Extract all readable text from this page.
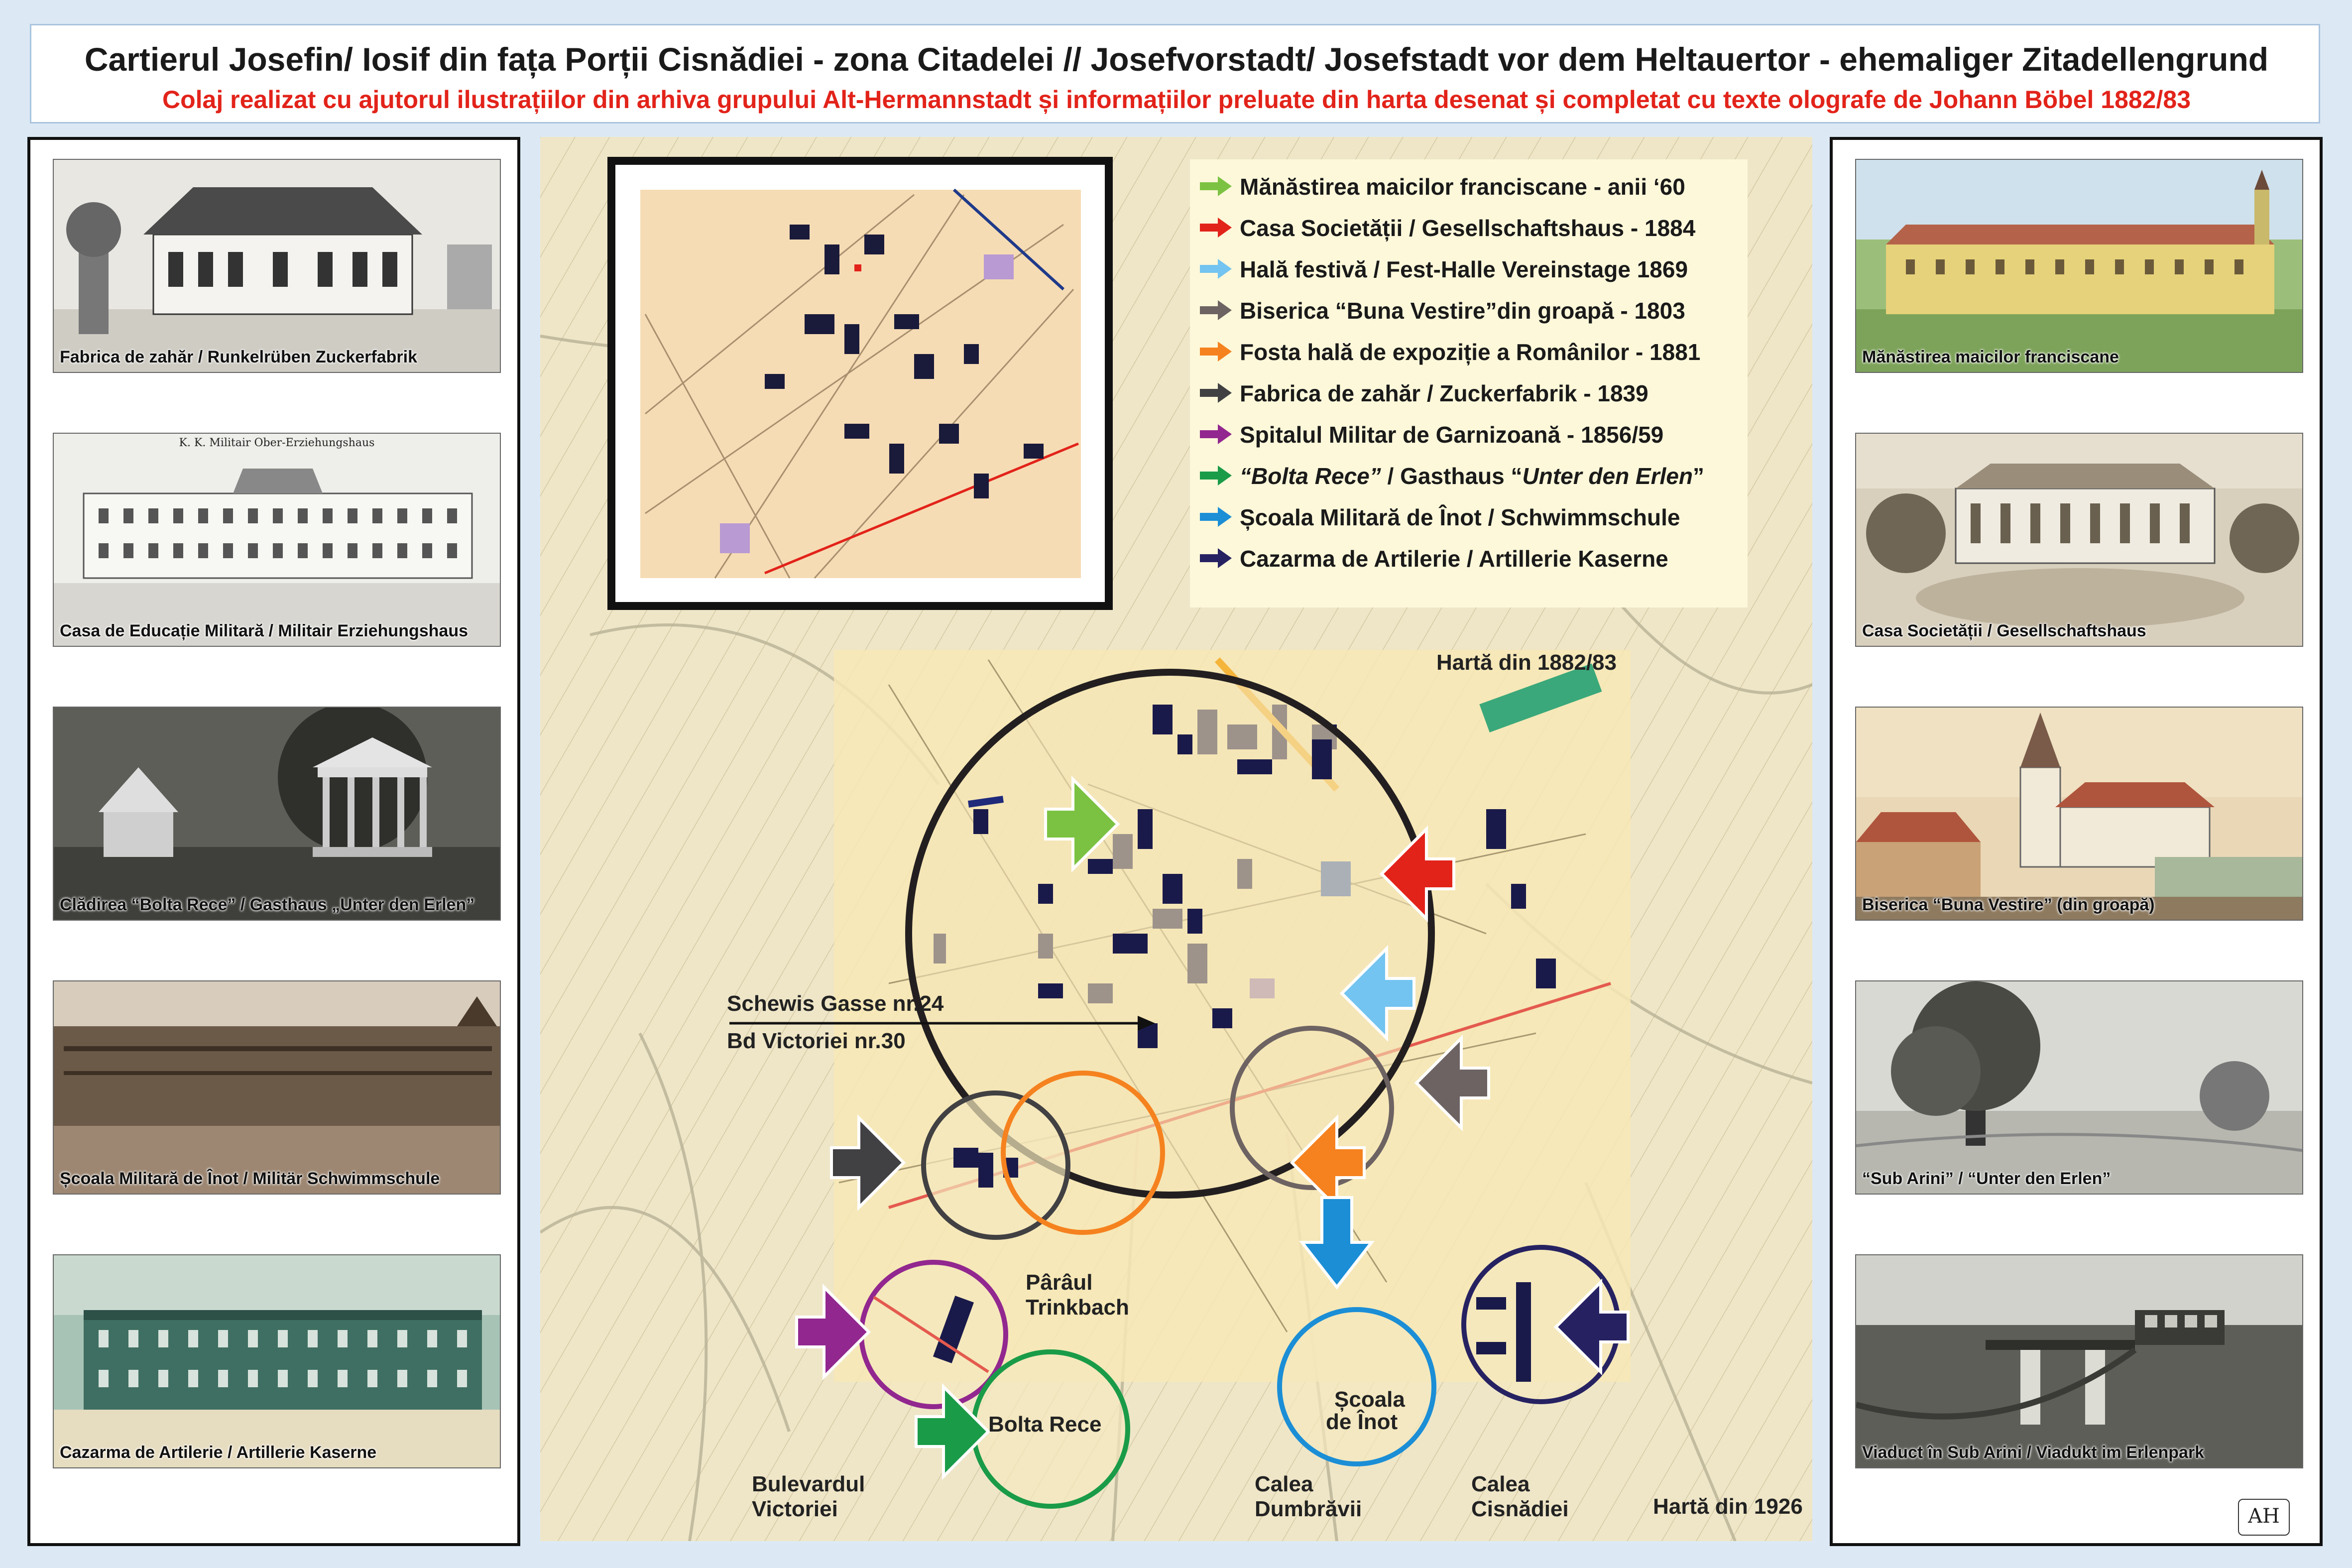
Cartierul Josefin/ Iosif din fața Porții Cisnădiei - zona Citadelei // Josefvorstadt/ Josefstadt vor dem Heltauertor - ehemaliger Zitadellengrund
Colaj realizat cu ajutorul ilustrațiilor din arhiva grupului Alt-Hermannstadt și informațiilor preluate din harta desenat și completat cu texte olografe de Johann Böbel 1882/83
Fabrica de zahăr / Runkelrüben Zuckerfabrik
K. K. Militair Ober-Erziehungshaus
Casa de Educație Militară / Militair Erziehungshaus
Clădirea “Bolta Rece” / Gasthaus „Unter den Erlen”
Școala Militară de Înot / Militär Schwimmschule
Cazarma de Artilerie / Artillerie Kaserne
Hartă din 1882/83
Hartă din 1926
Schewis Gasse nr.24
Bd Victoriei nr.30
Pârâul
Trinkbach
Bolta Rece
Școala
de Înot
Bulevardul
Victoriei
Calea
Dumbrăvii
Calea
Cisnădiei
Mănăstirea maicilor franciscane - anii ‘60
Casa Societății / Gesellschaftshaus - 1884
Hală festivă / Fest-Halle Vereinstage 1869
Biserica “Buna Vestire”din groapă - 1803
Fosta hală de expoziție a Românilor - 1881
Fabrica de zahăr / Zuckerfabrik - 1839
Spitalul Militar de Garnizoană - 1856/59
“Bolta Rece” / Gasthaus “Unter den Erlen”
Școala Militară de Înot / Schwimmschule
Cazarma de Artilerie / Artillerie Kaserne
Mănăstirea maicilor franciscane
Casa Societății / Gesellschaftshaus
Biserica “Buna Vestire” (din groapă)
“Sub Arini” / “Unter den Erlen”
Viaduct în Sub Arini / Viadukt im Erlenpark
AH
